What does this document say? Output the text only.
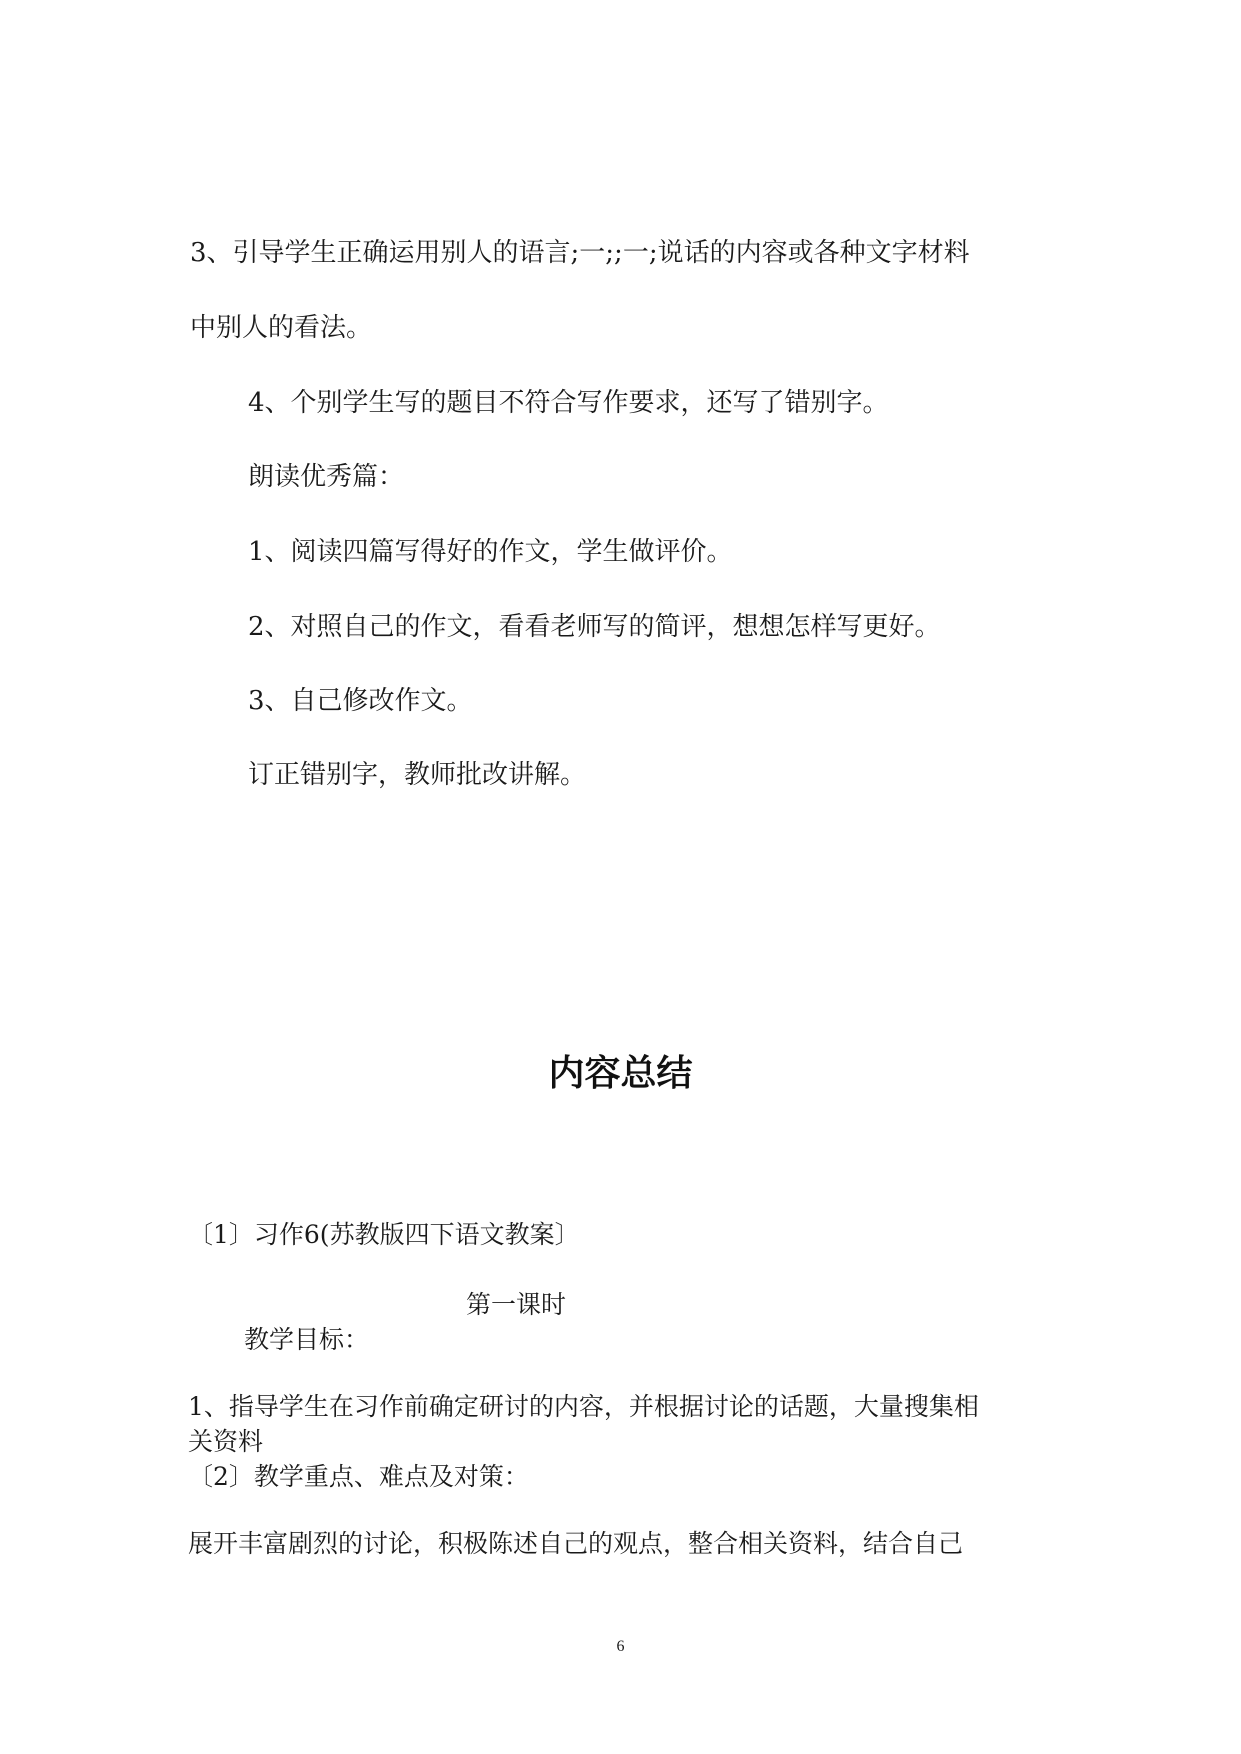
3、引导学生正确运用别人的语言;一;;一;说话的内容或各种文字材料

中别人的看法。

4、个别学生写的题目不符合写作要求，还写了错别字。

朗读优秀篇：

1、阅读四篇写得好的作文，学生做评价。

2、对照自己的作文，看看老师写的简评，想想怎样写更好。

3、自己修改作文。

订正错别字，教师批改讲解。

内容总结

〔1〕习作6(苏教版四下语文教案〕

第一课时

教学目标：

1、指导学生在习作前确定研讨的内容，并根据讨论的话题，大量搜集相

关资料

〔2〕教学重点、难点及对策：

展开丰富剧烈的讨论，积极陈述自己的观点，整合相关资料，结合自己

6
